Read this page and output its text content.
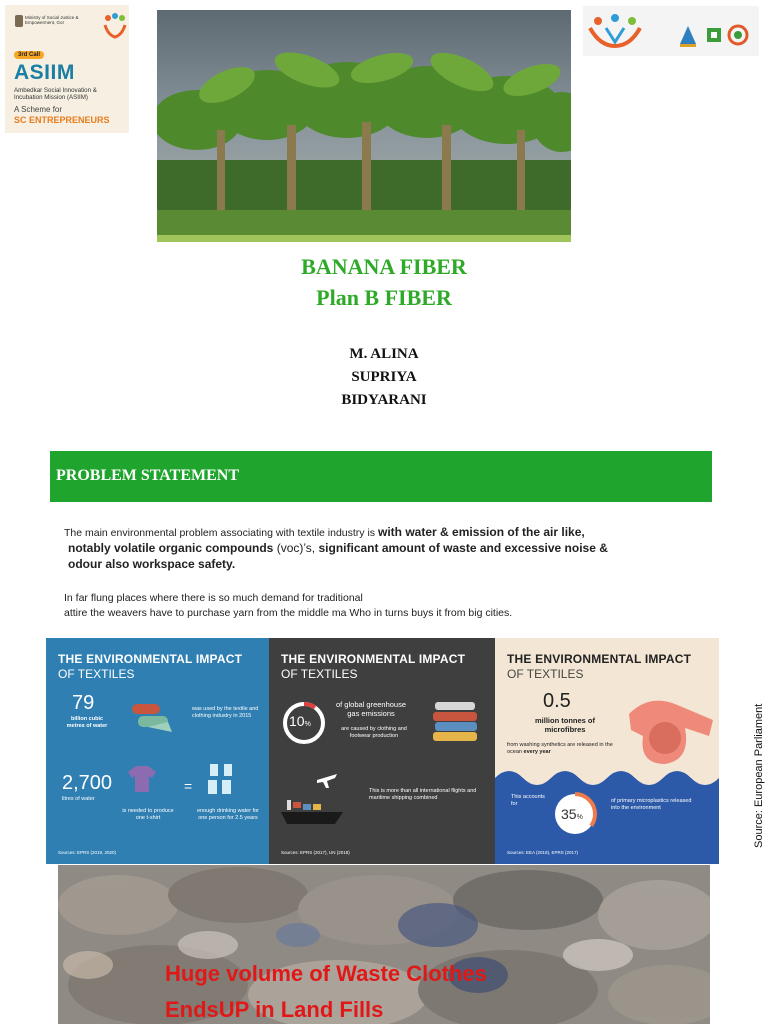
Ministry of Social Justice & Empowerment, GoI
3rd Call
ASIIM
Ambedkar Social Innovation & Incubation Mission (ASIIM)
A Scheme for
SC ENTREPRENEURS
BANANA FIBER
Plan B FIBER
M. ALINA
SUPRIYA
BIDYARANI
PROBLEM STATEMENT
The main environmental problem associating with textile industry is with water & emission of the air like,
notably volatile organic compounds (voc)’s, significant amount of waste and excessive noise &
odour also workspace safety.
In far flung places where there is so much demand for traditional
attire the weavers have to purchase yarn from the middle ma Who in turns buys it from big cities.
THE ENVIRONMENTAL IMPACT
OF TEXTILES
79
billion cubic metres of water
was used by the textile and clothing industry in 2015
2,700
litres of water
is needed to produce one t-shirt
=
enough drinking water for one person for 2.5 years
Sources: EPRS (2019, 2020)
THE ENVIRONMENTAL IMPACT
OF TEXTILES
10%
of global greenhouse gas emissions
are caused by clothing and footwear production
This is more than all international flights and maritime shipping combined
Sources: EPRS (2017), UN (2018)
THE ENVIRONMENTAL IMPACT
OF TEXTILES
0.5
million tonnes of microfibres
from washing synthetics are released in the ocean every year
This accounts for
35%
of primary microplastics released into the environment
Sources: EEA (2019), EPRS (2017)
Source: European Parliament
Huge volume of Waste Clothes
EndsUP in Land Fills
